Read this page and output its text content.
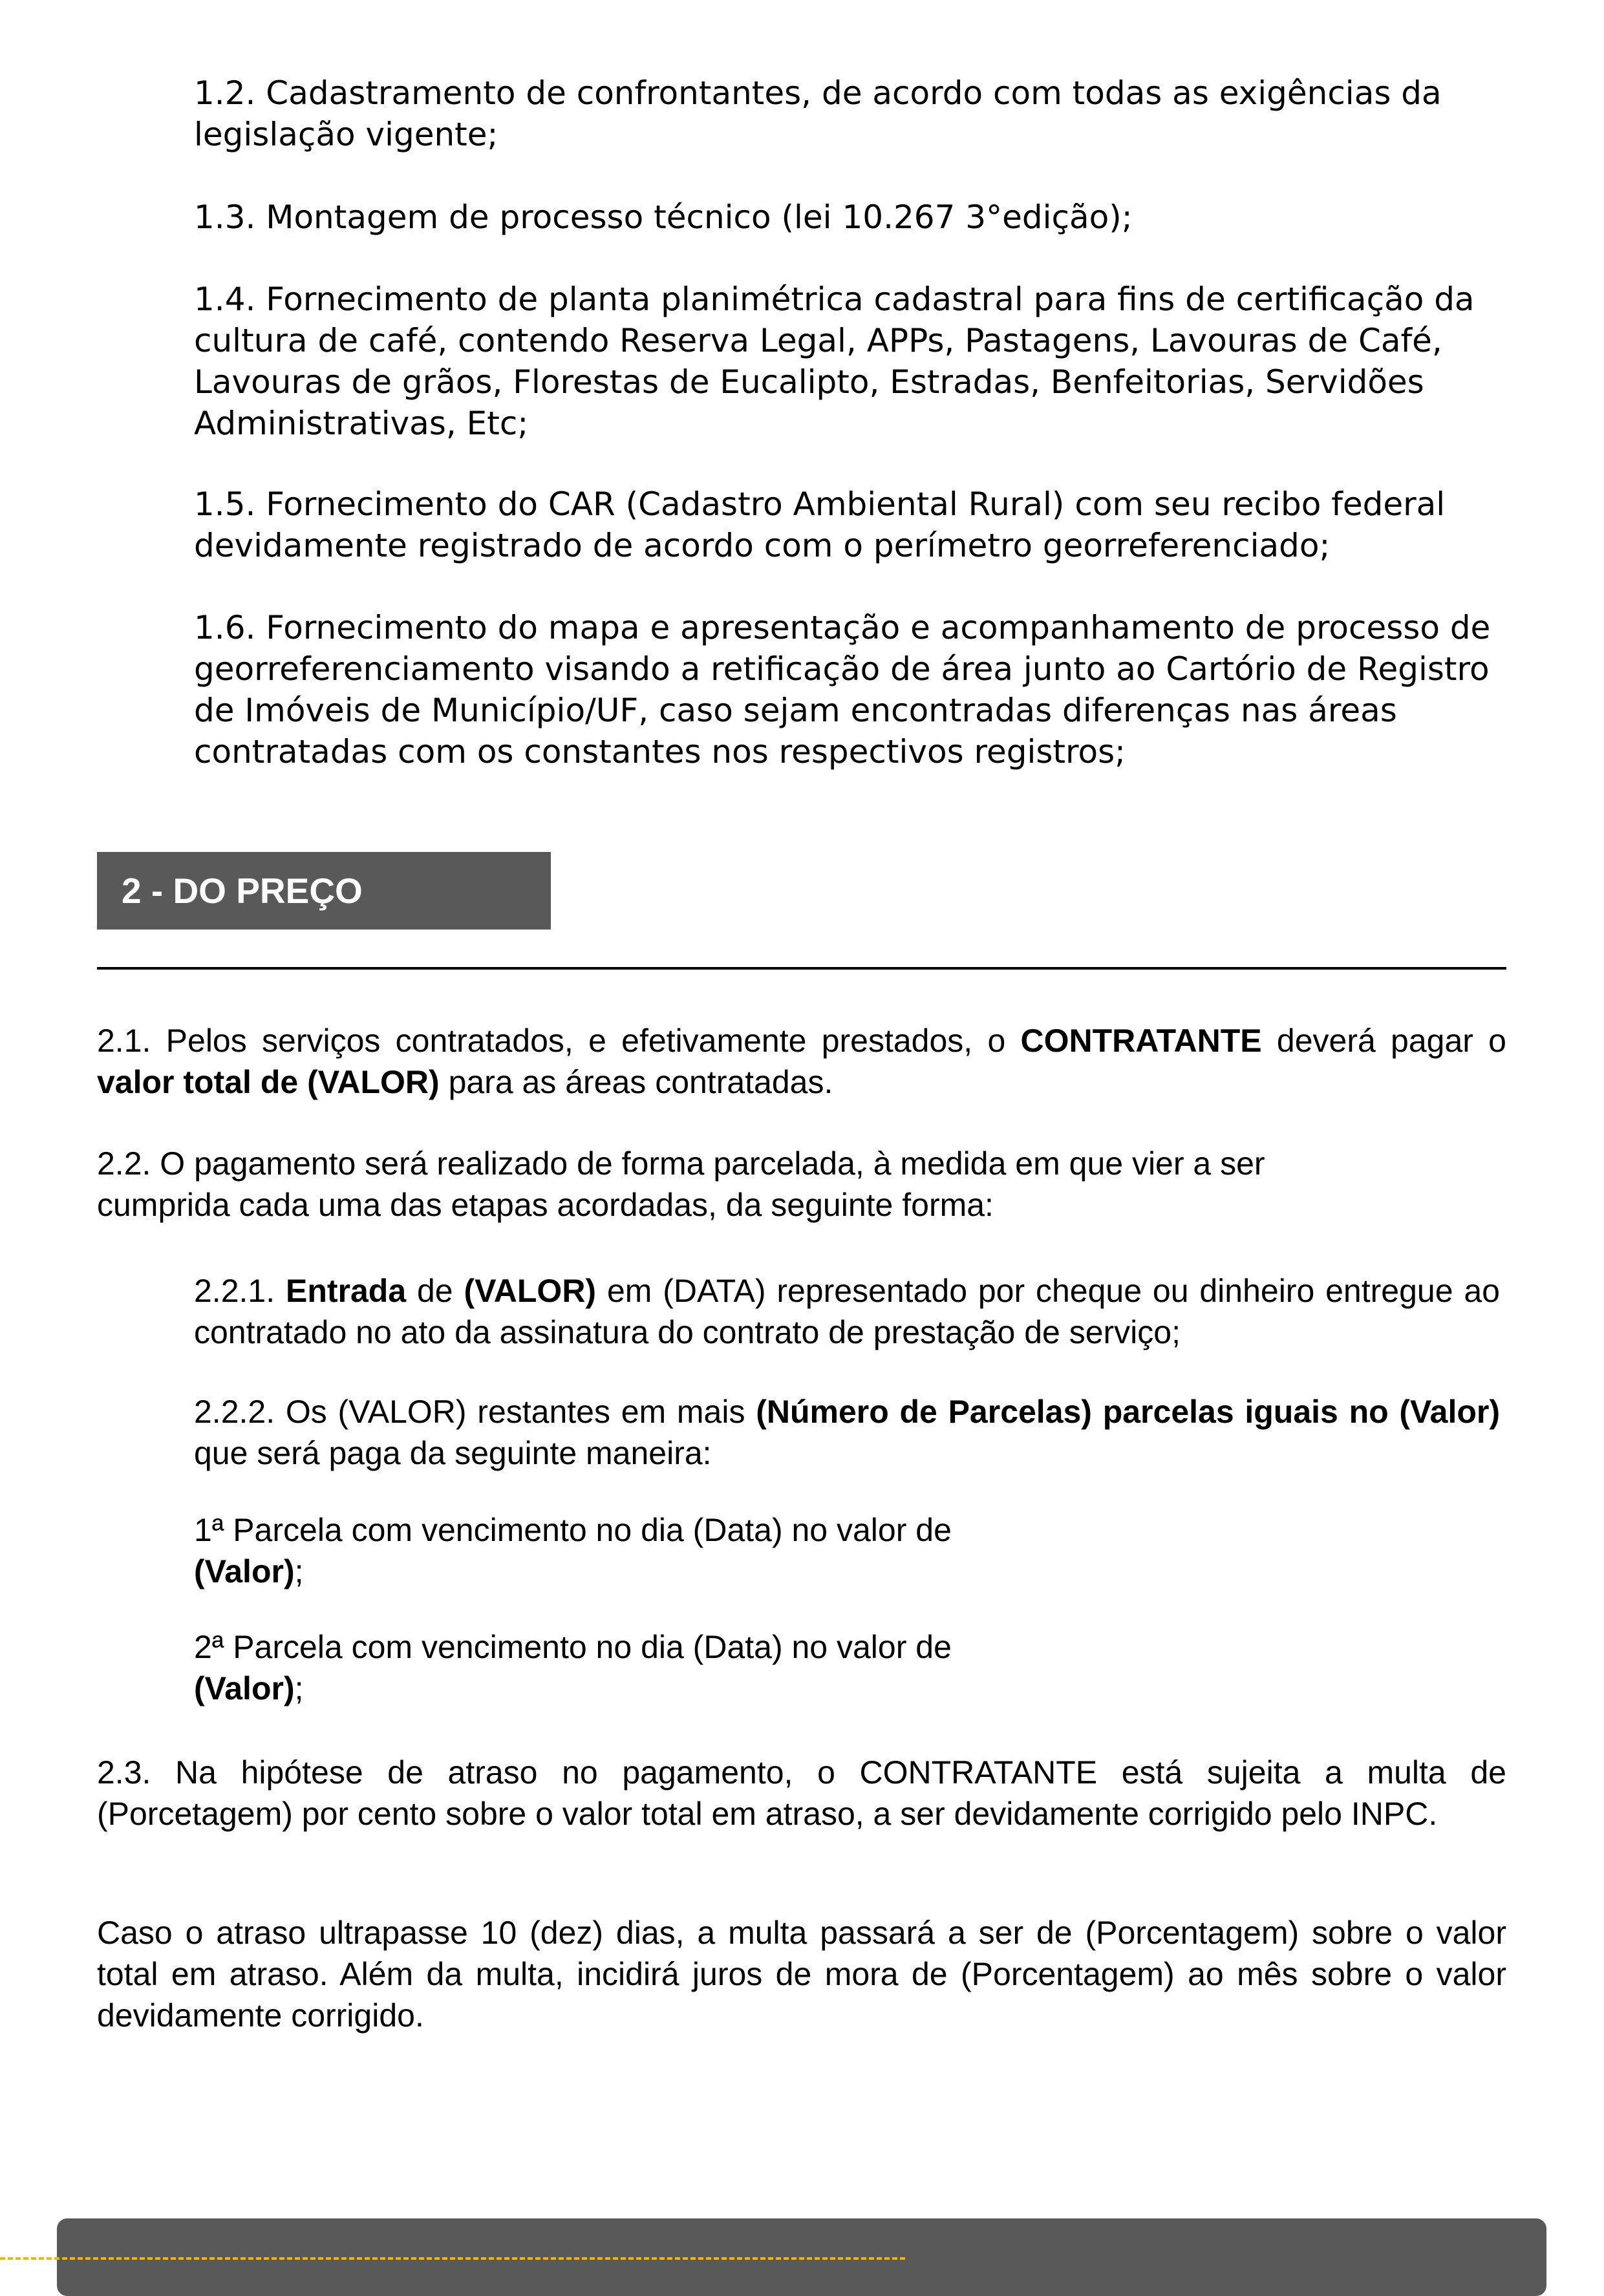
1.2. Cadastramento de confrontantes, de acordo com todas as exigências da legislação vigente;

1.3. Montagem de processo técnico (lei 10.267 3°edição);

1.4. Fornecimento de planta planimétrica cadastral para fins de certificação da cultura de café, contendo Reserva Legal, APPs, Pastagens, Lavouras de Café, Lavouras de grãos, Florestas de Eucalipto, Estradas, Benfeitorias, Servidões Administrativas, Etc;

1.5. Fornecimento do CAR (Cadastro Ambiental Rural) com seu recibo federal devidamente registrado de acordo com o perímetro georreferenciado;

1.6. Fornecimento do mapa e apresentação e acompanhamento de processo de georreferenciamento visando a retificação de área junto ao Cartório de Registro de Imóveis de Município/UF, caso sejam encontradas diferenças nas áreas contratadas com os constantes nos respectivos registros;

2 - DO PREÇO

2.1. Pelos serviços contratados, e efetivamente prestados, o CONTRATANTE deverá pagar o valor total de (VALOR) para as áreas contratadas.

2.2. O pagamento será realizado de forma parcelada, à medida em que vier a ser

cumprida cada uma das etapas acordadas, da seguinte forma:

2.2.1. Entrada de (VALOR) em (DATA) representado por cheque ou dinheiro entregue ao contratado no ato da assinatura do contrato de prestação de serviço;

2.2.2. Os (VALOR) restantes em mais (Número de Parcelas) parcelas iguais no (Valor) que será paga da seguinte maneira:

1ª Parcela com vencimento no dia (Data) no valor de

(Valor);

2ª Parcela com vencimento no dia (Data) no valor de

(Valor);

2.3. Na hipótese de atraso no pagamento, o CONTRATANTE está sujeita a multa de (Porcetagem) por cento sobre o valor total em atraso, a ser devidamente corrigido pelo INPC.

Caso o atraso ultrapasse 10 (dez) dias, a multa passará a ser de (Porcentagem) sobre o valor total em atraso. Além da multa, incidirá juros de mora de (Porcentagem) ao mês sobre o valor devidamente corrigido.
